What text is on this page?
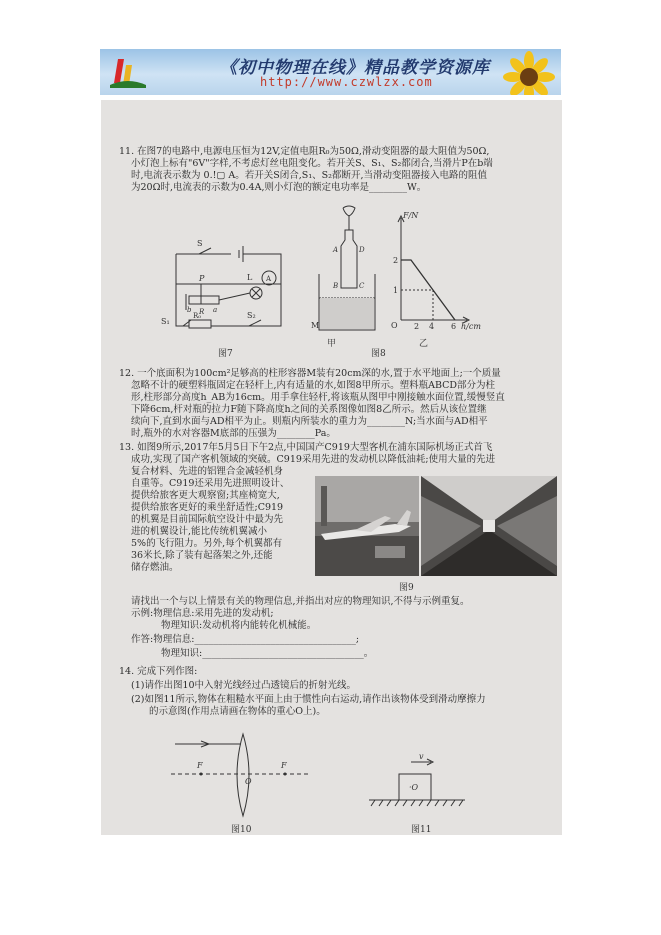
《初中物理在线》精品教学资源库
http://www.czwlzx.com
11. 在图7的电路中,电源电压恒为12V,定值电阻R₀为50Ω,滑动变阻器的最大阻值为50Ω,
小灯泡上标有"6V"字样,不考虑灯丝电阻变化。若开关S、S₁、S₂都闭合,当滑片P在b端
时,电流表示数为 0.!▢ A。若开关S闭合,S₁、S₂都断开,当滑动变阻器接入电路的阻值
为20Ω时,电流表的示数为0.4A,则小灯泡的额定电功率是________W。
S
A
P	L
b R a
S₁
R₀	S₂
图7
A	D
B	C
M
F/N
2
1
O 2 4 6 h/cm
甲	乙
图8
12. 一个底面积为100cm²足够高的柱形容器M装有20cm深的水,置于水平地面上;一个质量
忽略不计的硬塑料瓶固定在轻杆上,内有适量的水,如图8甲所示。塑料瓶ABCD部分为柱
形,柱形部分高度h_AB为16cm。用手拿住轻杆,将该瓶从图甲中刚接触水面位置,缓慢竖直
下降6cm,杆对瓶的拉力F随下降高度h之间的关系图像如图8乙所示。然后从该位置继
续向下,直到水面与AD相平为止。则瓶内所装水的重力为________N;当水面与AD相平
时,瓶外的水对容器M底部的压强为________Pa。
13. 如图9所示,2017年5月5日下午2点,中国国产C919大型客机在浦东国际机场正式首飞
成功,实现了国产客机领域的突破。C919采用先进的发动机以降低油耗;使用大量的先进
复合材料、先进的铝锂合金减轻机身
自重等。C919还采用先进照明设计、
提供给旅客更大观察窗;其座椅宽大,
提供给旅客更好的乘坐舒适性;C919
的机翼是目前国际航空设计中最为先
进的机翼设计,能比传统机翼减小
5%的飞行阻力。另外,每个机翼都有
36米长,除了装有起落架之外,还能
储存燃油。
图9
请找出一个与以上情景有关的物理信息,并指出对应的物理知识,不得与示例重复。
示例:物理信息:采用先进的发动机;
物理知识:发动机将内能转化机械能。
作答:物理信息:__________________________________;
物理知识:__________________________________。
14. 完成下列作图:
(1)请作出图10中入射光线经过凸透镜后的折射光线。
(2)如图11所示,物体在粗糙水平面上由于惯性向右运动,请作出该物体受到滑动摩擦力
的示意图(作用点请画在物体的重心O上)。
F
O
F
图10
v
·O
图11
